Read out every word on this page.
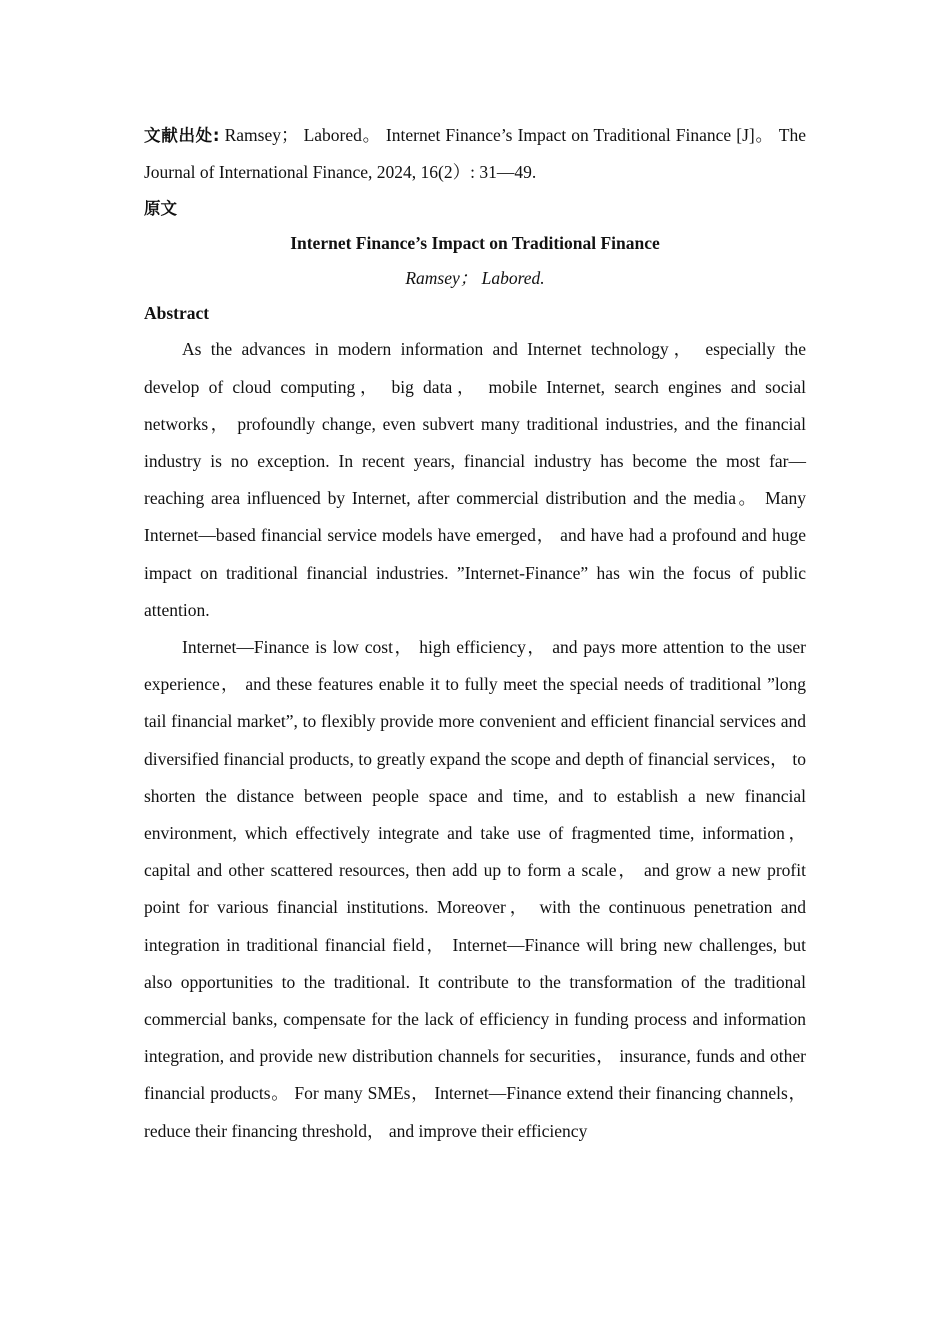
文献出处: Ramsey； Labored。 Internet Finance’s Impact on Traditional Finance [J]。 The Journal of International Finance, 2024, 16(2）: 31—49.
原文
Internet Finance’s Impact on Traditional Finance
Ramsey； Labored.
Abstract

As the advances in modern information and Internet technology， especially the develop of cloud computing， big data， mobile Internet, search engines and social networks， profoundly change, even subvert many traditional industries, and the financial industry is no exception. In recent years, financial industry has become the most far—reaching area influenced by Internet, after commercial distribution and the media。 Many Internet—based financial service models have emerged， and have had a profound and huge impact on traditional financial industries. ”Internet-Finance” has win the focus of public attention.

Internet—Finance is low cost， high efficiency， and pays more attention to the user experience， and these features enable it to fully meet the special needs of traditional ”long tail financial market”, to flexibly provide more convenient and efficient financial services and diversified financial products, to greatly expand the scope and depth of financial services， to shorten the distance between people space and time, and to establish a new financial environment, which effectively integrate and take use of fragmented time, information， capital and other scattered resources, then add up to form a scale， and grow a new profit point for various financial institutions. Moreover， with the continuous penetration and integration in traditional financial field， Internet—Finance will bring new challenges, but also opportunities to the traditional. It contribute to the transformation of the traditional commercial banks, compensate for the lack of efficiency in funding process and information integration, and provide new distribution channels for securities， insurance, funds and other financial products。 For many SMEs， Internet—Finance extend their financing channels， reduce their financing threshold， and improve their efficiency
